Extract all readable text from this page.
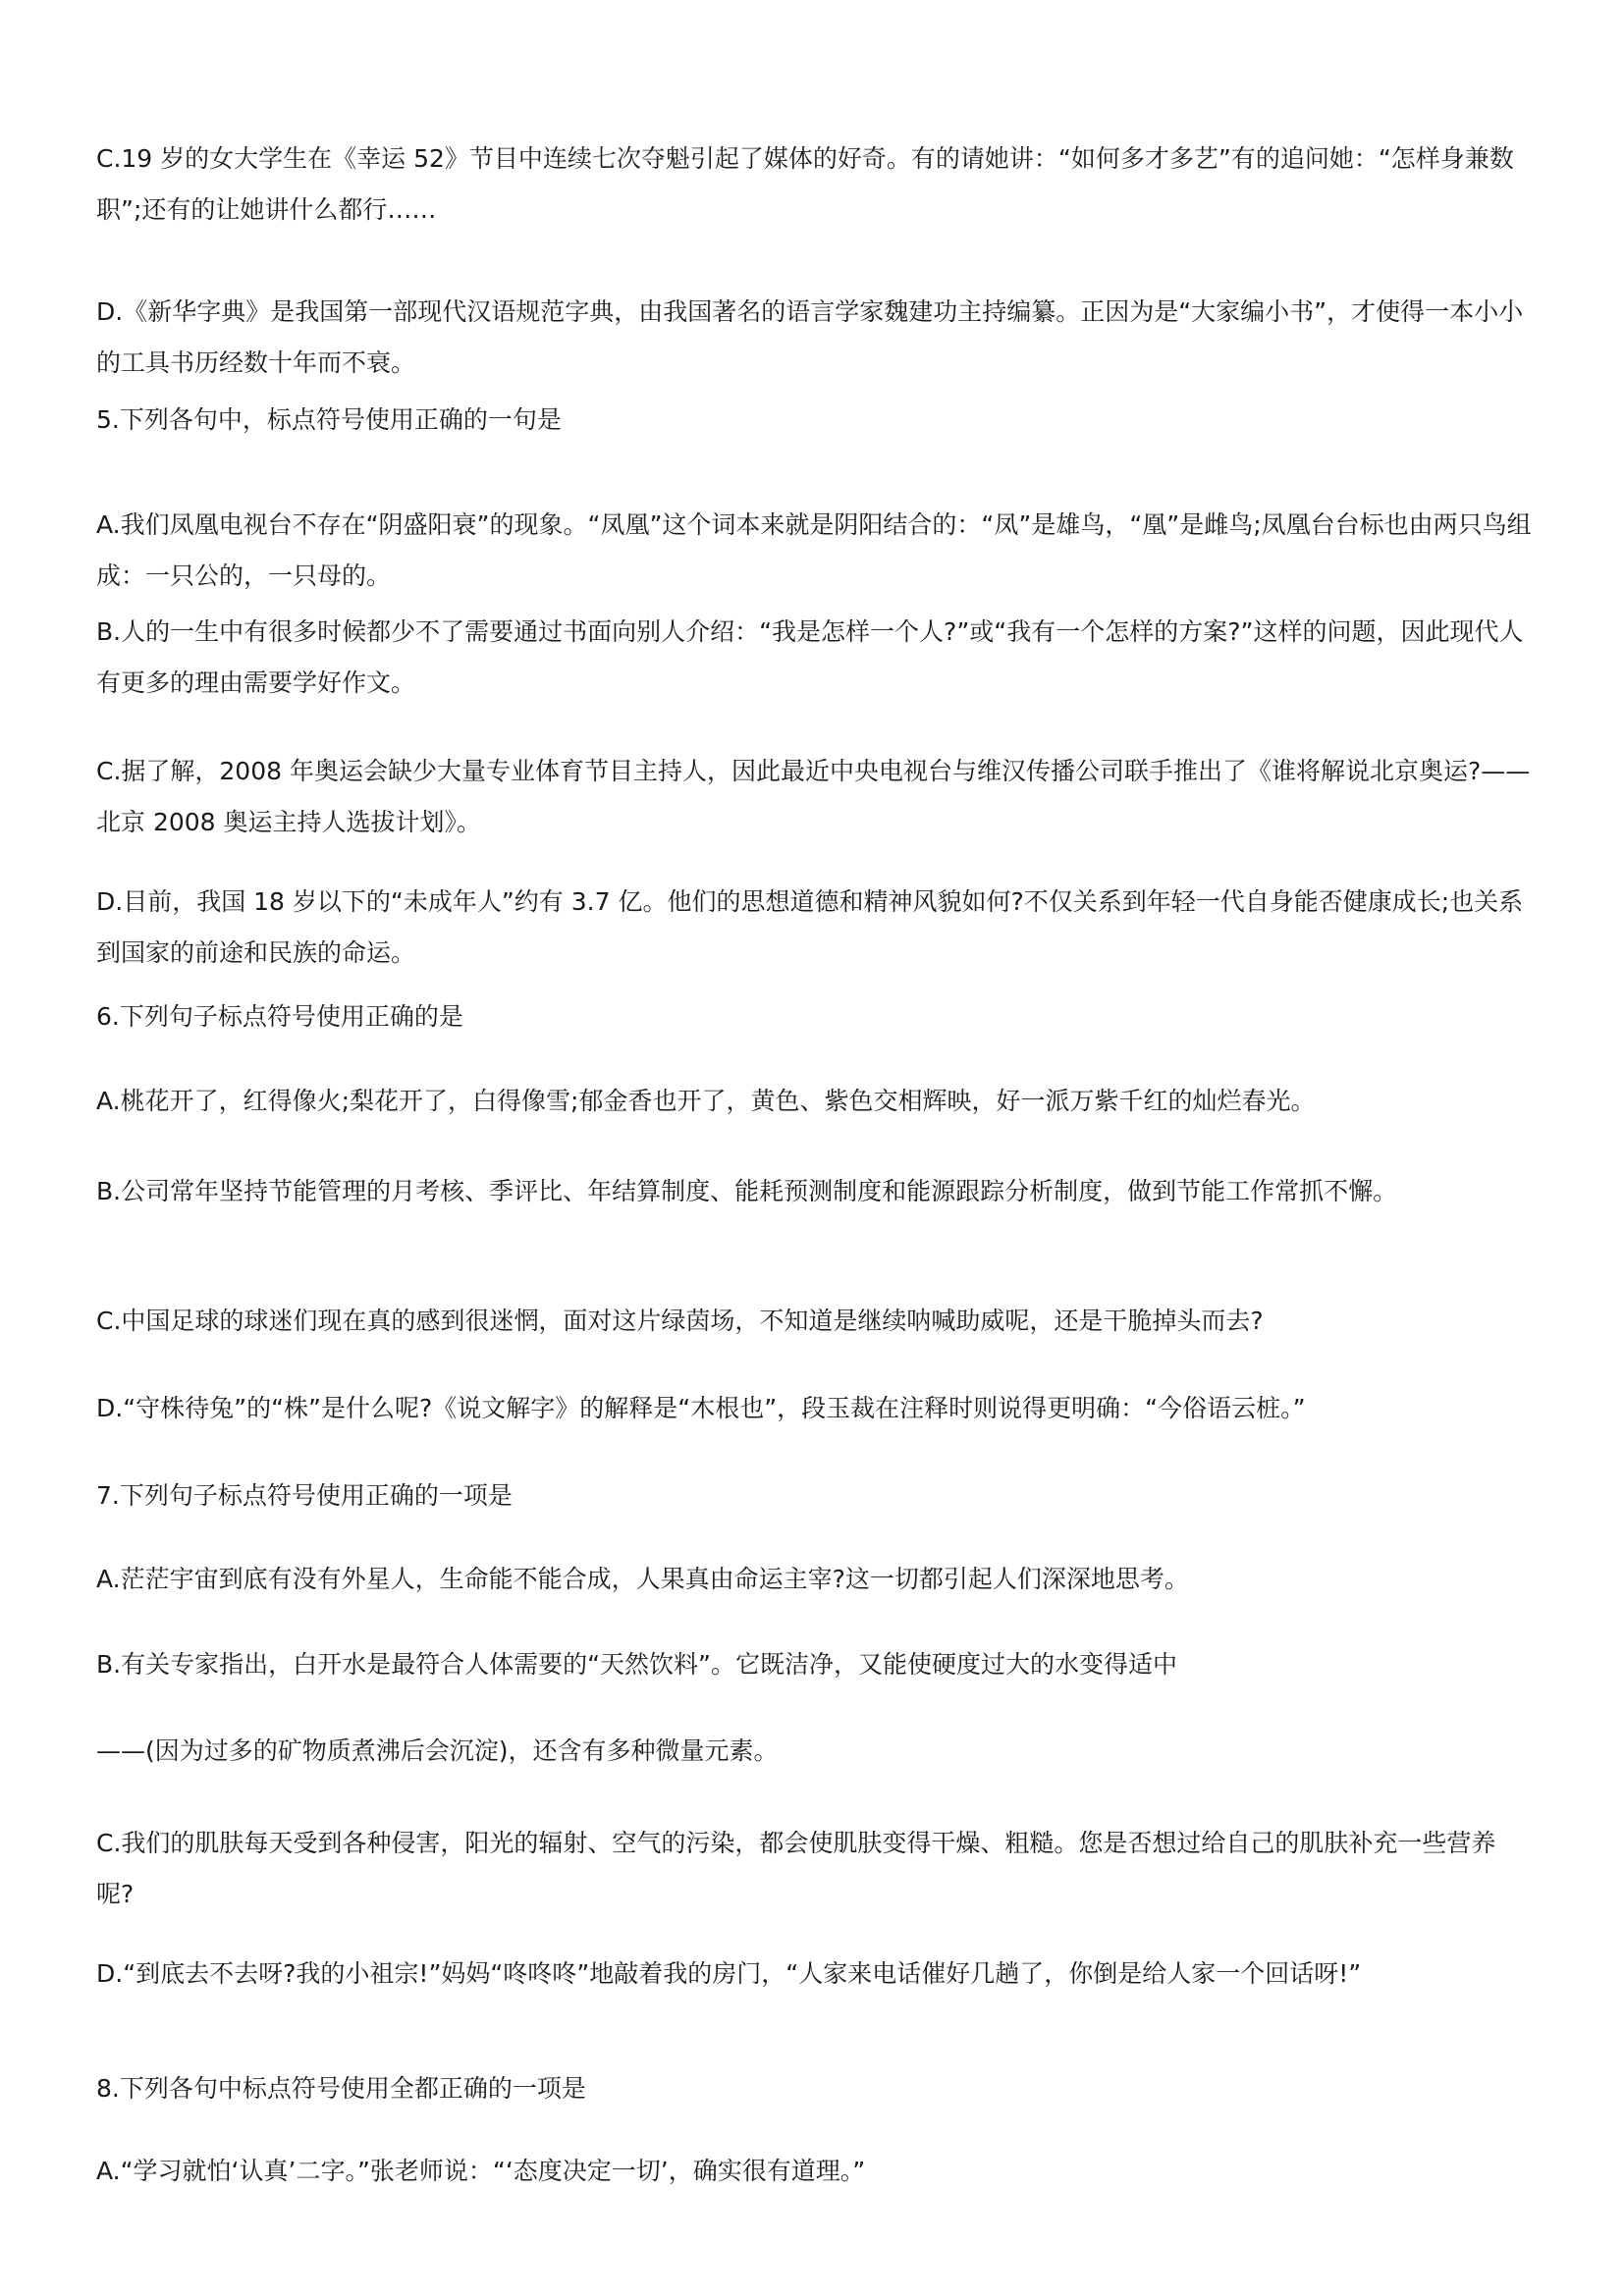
C.19 岁的女大学生在《幸运 52》节目中连续七次夺魁引起了媒体的好奇。有的请她讲：“如何多才多艺”有的追问她：“怎样身兼数职”;还有的让她讲什么都行……

D.《新华字典》是我国第一部现代汉语规范字典，由我国著名的语言学家魏建功主持编纂。正因为是“大家编小书”，才使得一本小小的工具书历经数十年而不衰。

5.下列各句中，标点符号使用正确的一句是

A.我们凤凰电视台不存在“阴盛阳衰”的现象。“凤凰”这个词本来就是阴阳结合的：“凤”是雄鸟，“凰”是雌鸟;凤凰台台标也由两只鸟组成：一只公的，一只母的。

B.人的一生中有很多时候都少不了需要通过书面向别人介绍：“我是怎样一个人?”或“我有一个怎样的方案?”这样的问题，因此现代人有更多的理由需要学好作文。

C.据了解，2008 年奥运会缺少大量专业体育节目主持人，因此最近中央电视台与维汉传播公司联手推出了《谁将解说北京奥运?——北京 2008 奥运主持人选拔计划》。

D.目前，我国 18 岁以下的“未成年人”约有 3.7 亿。他们的思想道德和精神风貌如何?不仅关系到年轻一代自身能否健康成长;也关系到国家的前途和民族的命运。

6.下列句子标点符号使用正确的是

A.桃花开了，红得像火;梨花开了，白得像雪;郁金香也开了，黄色、紫色交相辉映，好一派万紫千红的灿烂春光。

B.公司常年坚持节能管理的月考核、季评比、年结算制度、能耗预测制度和能源跟踪分析制度，做到节能工作常抓不懈。

C.中国足球的球迷们现在真的感到很迷惘，面对这片绿茵场，不知道是继续呐喊助威呢，还是干脆掉头而去?

D.“守株待兔”的“株”是什么呢?《说文解字》的解释是“木根也”，段玉裁在注释时则说得更明确：“今俗语云桩。”

7.下列句子标点符号使用正确的一项是

A.茫茫宇宙到底有没有外星人，生命能不能合成，人果真由命运主宰?这一切都引起人们深深地思考。

B.有关专家指出，白开水是最符合人体需要的“天然饮料”。它既洁净，又能使硬度过大的水变得适中

——(因为过多的矿物质煮沸后会沉淀)，还含有多种微量元素。

C.我们的肌肤每天受到各种侵害，阳光的辐射、空气的污染，都会使肌肤变得干燥、粗糙。您是否想过给自己的肌肤补充一些营养呢?

D.“到底去不去呀?我的小祖宗!”妈妈“咚咚咚”地敲着我的房门，“人家来电话催好几趟了，你倒是给人家一个回话呀!”

8.下列各句中标点符号使用全都正确的一项是

A.“学习就怕‘认真’二字。”张老师说：“‘态度决定一切’，确实很有道理。”
